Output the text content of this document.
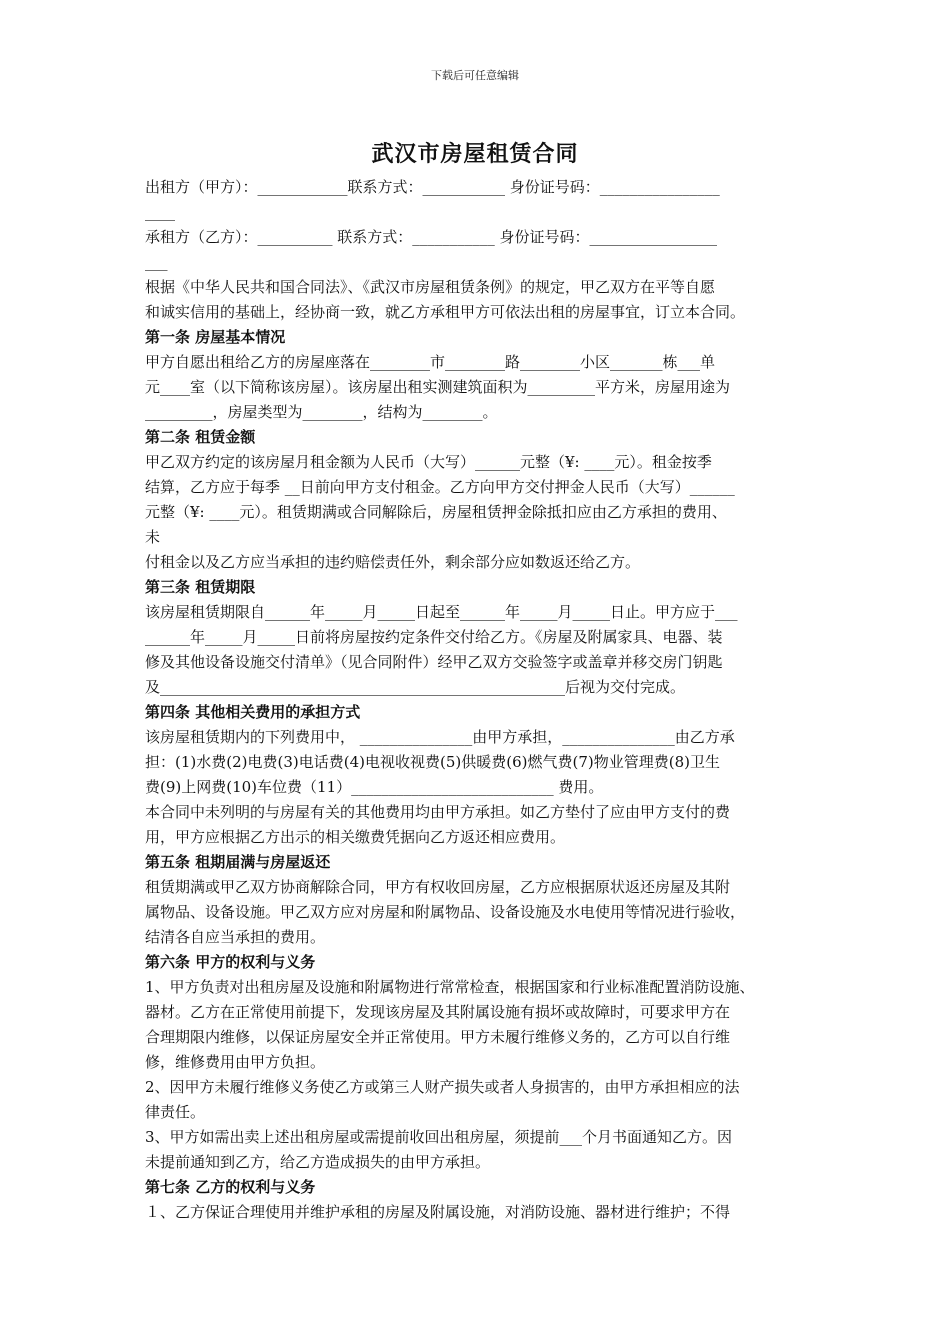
下载后可任意编辑
武汉市房屋租赁合同
出租方（甲方）：____________联系方式：___________ 身份证号码：________________
____
承租方（乙方）：__________ 联系方式：___________ 身份证号码：_________________
___
根据《中华人民共和国合同法》、《武汉市房屋租赁条例》的规定，甲乙双方在平等自愿
和诚实信用的基础上，经协商一致，就乙方承租甲方可依法出租的房屋事宜，订立本合同。
第一条 房屋基本情况
甲方自愿出租给乙方的房屋座落在________市________路________小区_______栋___单
元____室（以下简称该房屋）。该房屋出租实测建筑面积为_________平方米，房屋用途为
_________，房屋类型为________，结构为________。
第二条 租赁金额
甲乙双方约定的该房屋月租金额为人民币（大写）______元整（¥: ____元）。租金按季
结算，乙方应于每季 __日前向甲方支付租金。乙方向甲方交付押金人民币（大写）______
元整（¥: ____元）。租赁期满或合同解除后，房屋租赁押金除抵扣应由乙方承担的费用、
未
付租金以及乙方应当承担的违约赔偿责任外，剩余部分应如数返还给乙方。
第三条 租赁期限
该房屋租赁期限自______年_____月_____日起至______年_____月_____日止。甲方应于___
______年_____月_____日前将房屋按约定条件交付给乙方。《房屋及附属家具、电器、装
修及其他设备设施交付清单》（见合同附件）经甲乙双方交验签字或盖章并移交房门钥匙
及______________________________________________________后视为交付完成。
第四条 其他相关费用的承担方式
该房屋租赁期内的下列费用中， _______________由甲方承担，_______________由乙方承
担：(1)水费(2)电费(3)电话费(4)电视收视费(5)供暖费(6)燃气费(7)物业管理费(8)卫生
费(9)上网费(10)车位费（11）___________________________ 费用。
本合同中未列明的与房屋有关的其他费用均由甲方承担。如乙方垫付了应由甲方支付的费
用，甲方应根据乙方出示的相关缴费凭据向乙方返还相应费用。
第五条 租期届满与房屋返还
租赁期满或甲乙双方协商解除合同，甲方有权收回房屋，乙方应根据原状返还房屋及其附
属物品、设备设施。甲乙双方应对房屋和附属物品、设备设施及水电使用等情况进行验收，
结清各自应当承担的费用。
第六条 甲方的权利与义务
1、甲方负责对出租房屋及设施和附属物进行常常检查，根据国家和行业标准配置消防设施、
器材。乙方在正常使用前提下，发现该房屋及其附属设施有损坏或故障时，可要求甲方在
合理期限内维修，以保证房屋安全并正常使用。甲方未履行维修义务的，乙方可以自行维
修，维修费用由甲方负担。
2、因甲方未履行维修义务使乙方或第三人财产损失或者人身损害的，由甲方承担相应的法
律责任。
3、甲方如需出卖上述出租房屋或需提前收回出租房屋，须提前___个月书面通知乙方。因
未提前通知到乙方，给乙方造成损失的由甲方承担。
第七条 乙方的权利与义务
１、乙方保证合理使用并维护承租的房屋及附属设施，对消防设施、器材进行维护；不得
